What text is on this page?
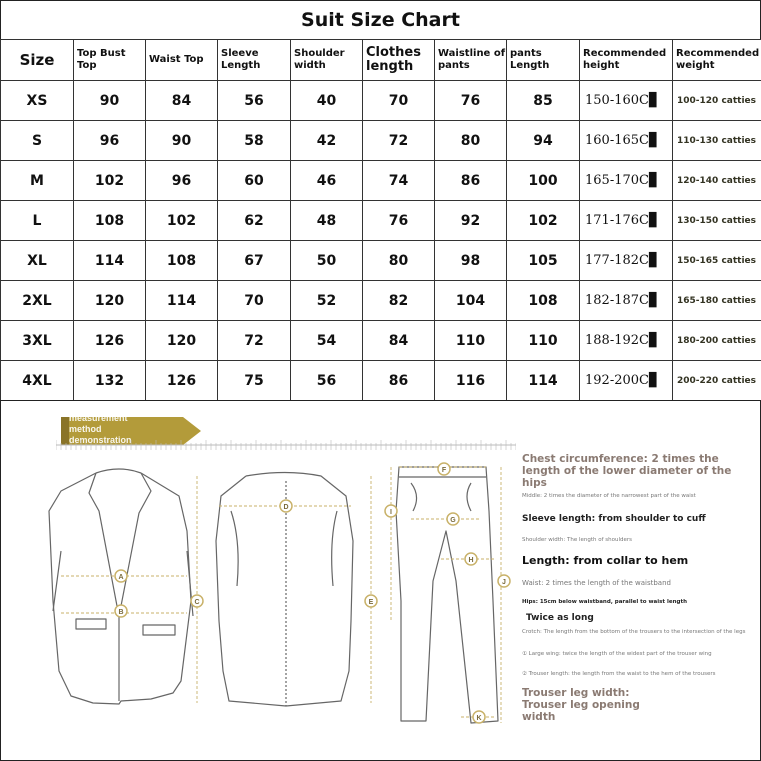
Suit Size Chart
Size	Top Bust Top	Waist Top	Sleeve Length	Shoulder width	Clothes length	Waistline of pants	pants Length	Recommended height	Recommended weight
XS	90	84	56	40	70	76	85	150-160C▊	100-120 catties
S	96	90	58	42	72	80	94	160-165C▊	110-130 catties
M	102	96	60	46	74	86	100	165-170C▊	120-140 catties
L	108	102	62	48	76	92	102	171-176C▊	130-150 catties
XL	114	108	67	50	80	98	105	177-182C▊	150-165 catties
2XL	120	114	70	52	82	104	108	182-187C▊	165-180 catties
3XL	126	120	72	54	84	110	110	188-192C▊	180-200 catties
4XL	132	126	75	56	86	116	114	192-200C▊	200-220 catties
measurement
method
demonstration
A
B
C
D
E
F
G
H
I
J
K
Chest circumference: 2 times the length of the lower diameter of the hips
Middle: 2 times the diameter of the narrowest part of the waist
Sleeve length: from shoulder to cuff
Shoulder width: The length of shoulders
Length: from collar to hem
Waist: 2 times the length of the waistband
Hips: 15cm below waistband, parallel to waist length
Twice as long
Crotch: The length from the bottom of the trousers to the intersection of the legs
① Large wing: twice the length of the widest part of the trouser wing
② Trouser length: the length from the waist to the hem of the trousers
Trouser leg width: Trouser leg opening width
